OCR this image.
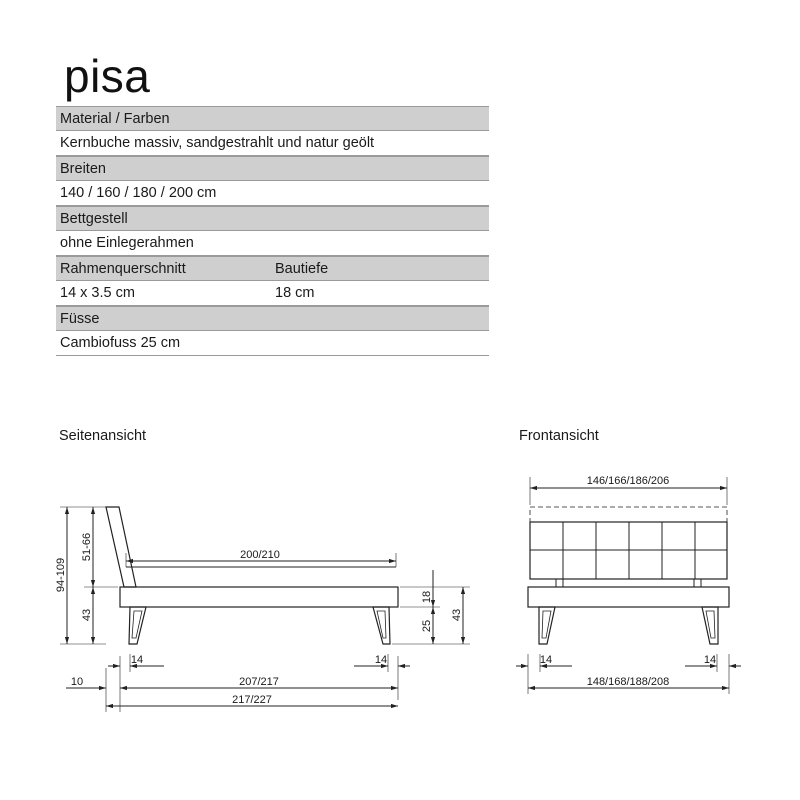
pisa
Material / Farben
Kernbuche massiv, sandgestrahlt und natur geölt
Breiten
140 / 160 / 180 / 200 cm
Bettgestell
ohne Einlegerahmen
Rahmenquerschnitt	Bautiefe
14 x 3.5 cm	18 cm
Füsse
Cambiofuss 25 cm
Seitenansicht	Frontansicht
94-109
51-66
43
200/210
18
25
43
14	14
10	207/217
217/227
146/166/186/206
14	14
148/168/188/208
